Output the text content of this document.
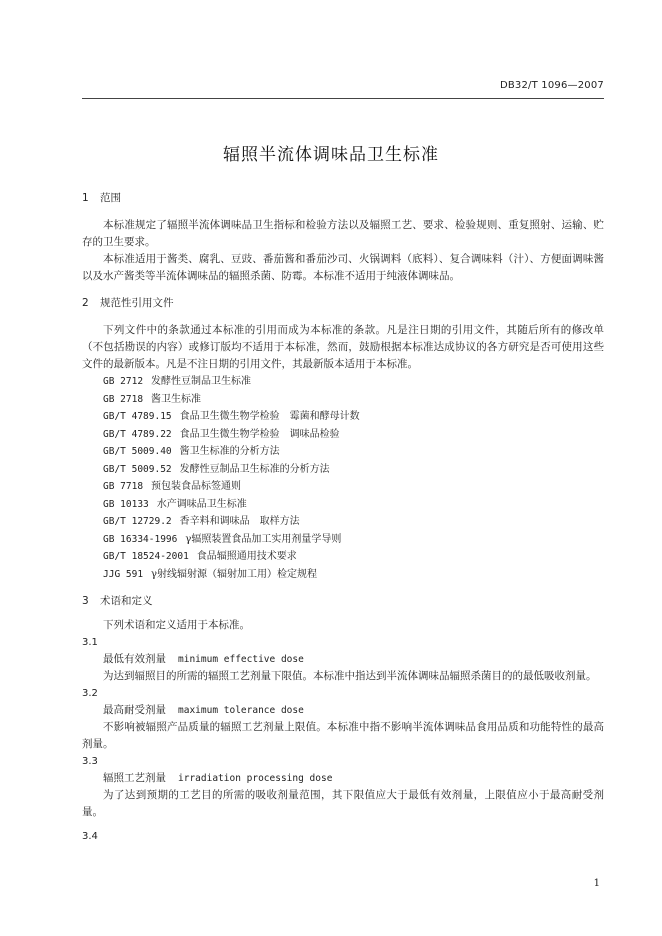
DB32/T 1096—2007
辐照半流体调味品卫生标准

1 范围

本标准规定了辐照半流体调味品卫生指标和检验方法以及辐照工艺、要求、检验规则、重复照射、运输、贮存的卫生要求。

本标准适用于酱类、腐乳、豆豉、番茄酱和番茄沙司、火锅调料（底料）、复合调味料（汁）、方便面调味酱以及水产酱类等半流体调味品的辐照杀菌、防霉。本标准不适用于纯液体调味品。

2 规范性引用文件

下列文件中的条款通过本标准的引用而成为本标准的条款。凡是注日期的引用文件，其随后所有的修改单（不包括勘误的内容）或修订版均不适用于本标准，然而，鼓励根据本标准达成协议的各方研究是否可使用这些文件的最新版本。凡是不注日期的引用文件，其最新版本适用于本标准。

GB 2712 发酵性豆制品卫生标准

GB 2718 酱卫生标准

GB/T 4789.15 食品卫生微生物学检验　霉菌和酵母计数

GB/T 4789.22 食品卫生微生物学检验　调味品检验

GB/T 5009.40 酱卫生标准的分析方法

GB/T 5009.52 发酵性豆制品卫生标准的分析方法

GB 7718 预包装食品标签通则

GB 10133 水产调味品卫生标准

GB/T 12729.2 香辛料和调味品　取样方法

GB 16334-1996 γ辐照装置食品加工实用剂量学导则

GB/T 18524-2001 食品辐照通用技术要求

JJG 591 γ射线辐射源（辐射加工用）检定规程

3 术语和定义

下列术语和定义适用于本标准。

3.1

最低有效剂量 minimum effective dose

为达到辐照目的所需的辐照工艺剂量下限值。本标准中指达到半流体调味品辐照杀菌目的的最低吸收剂量。

3.2

最高耐受剂量 maximum tolerance dose

不影响被辐照产品质量的辐照工艺剂量上限值。本标准中指不影响半流体调味品食用品质和功能特性的最高剂量。

3.3

辐照工艺剂量 irradiation processing dose

为了达到预期的工艺目的所需的吸收剂量范围，其下限值应大于最低有效剂量，上限值应小于最高耐受剂量。

3.4

1
